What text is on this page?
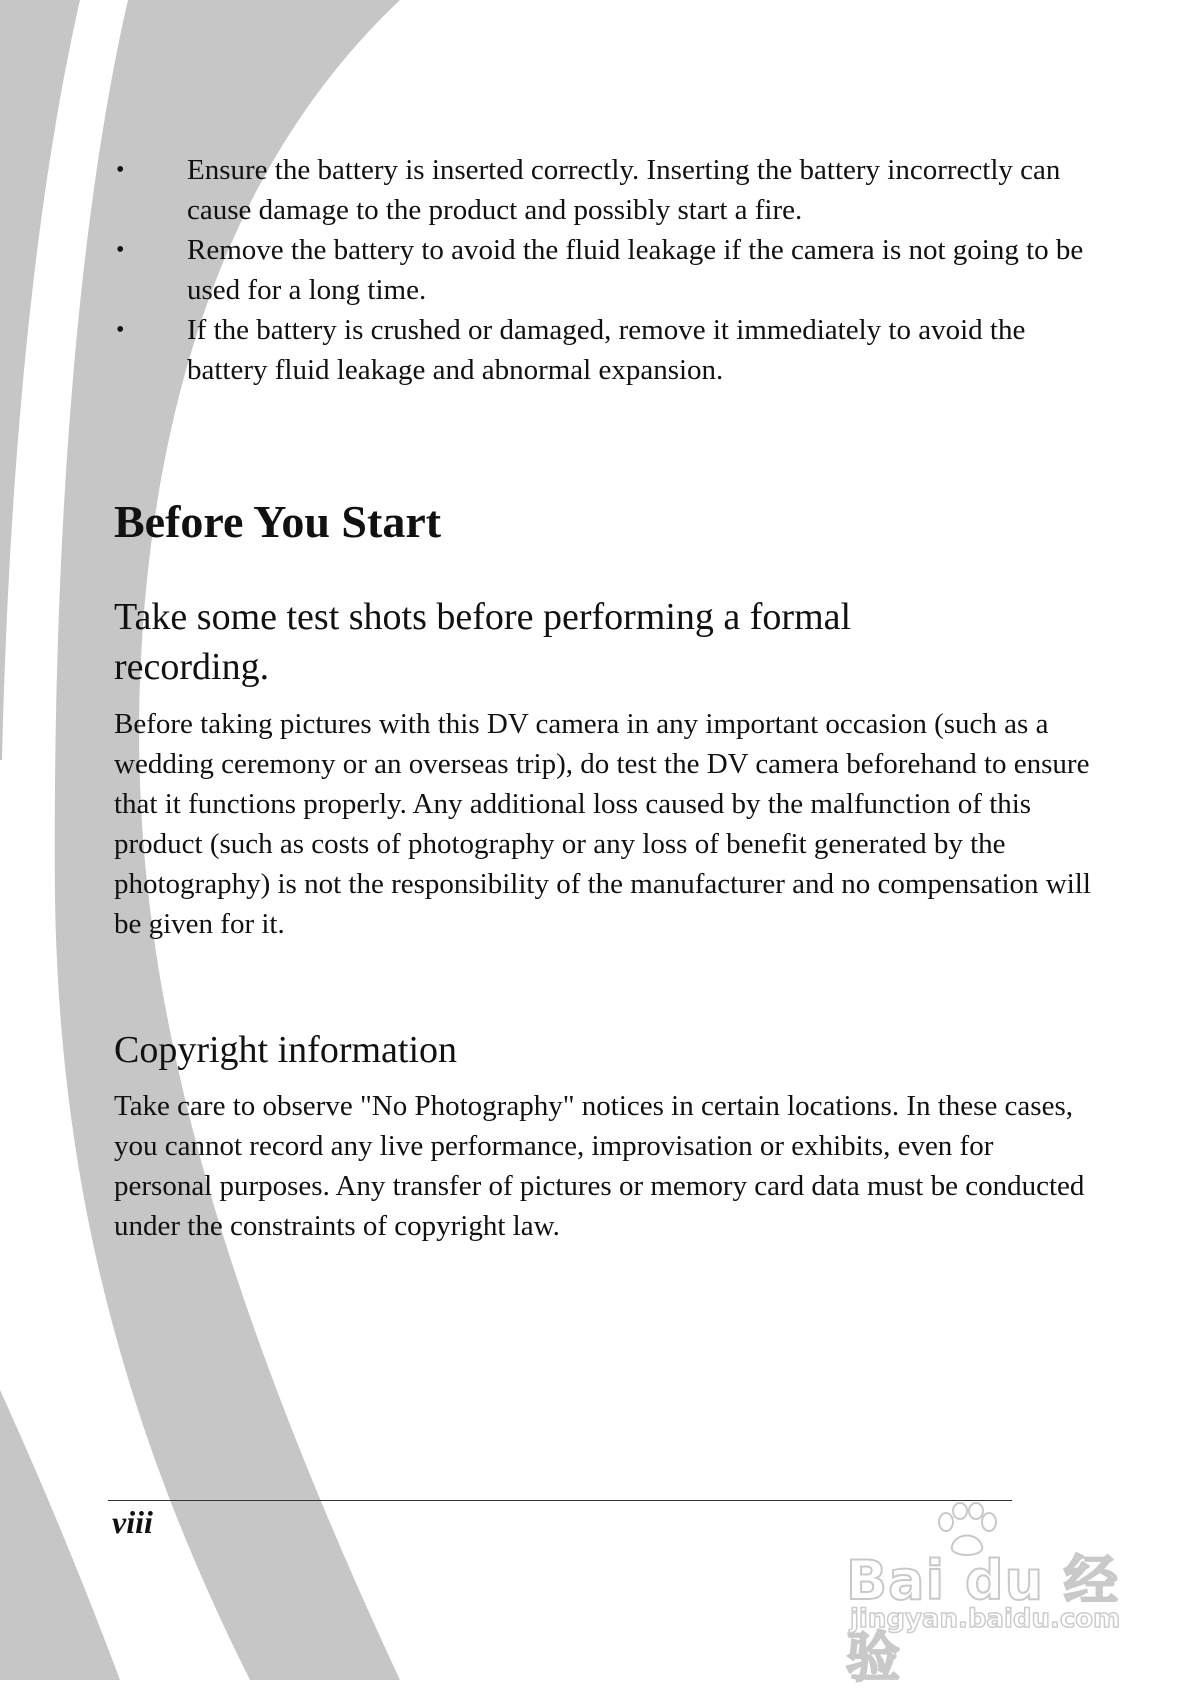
•	Ensure the battery is inserted correctly. Inserting the battery incorrectly can cause damage to the product and possibly start a fire.
•	Remove the battery to avoid the fluid leakage if the camera is not going to be used for a long time.
•	If the battery is crushed or damaged, remove it immediately to avoid the battery fluid leakage and abnormal expansion.
Before You Start
Take some test shots before performing a formal recording.

Before taking pictures with this DV camera in any important occasion (such as a wedding ceremony or an overseas trip), do test the DV camera beforehand to ensure that it functions properly. Any additional loss caused by the malfunction of this product (such as costs of photography or any loss of benefit generated by the photography) is not the responsibility of the manufacturer and no compensation will be given for it.

Copyright information

Take care to observe "No Photography" notices in certain locations. In these cases, you cannot record any live performance, improvisation or exhibits, even for personal purposes. Any transfer of pictures or memory card data must be conducted under the constraints of copyright law.

viii
Bai du 经验
jingyan.baidu.com
